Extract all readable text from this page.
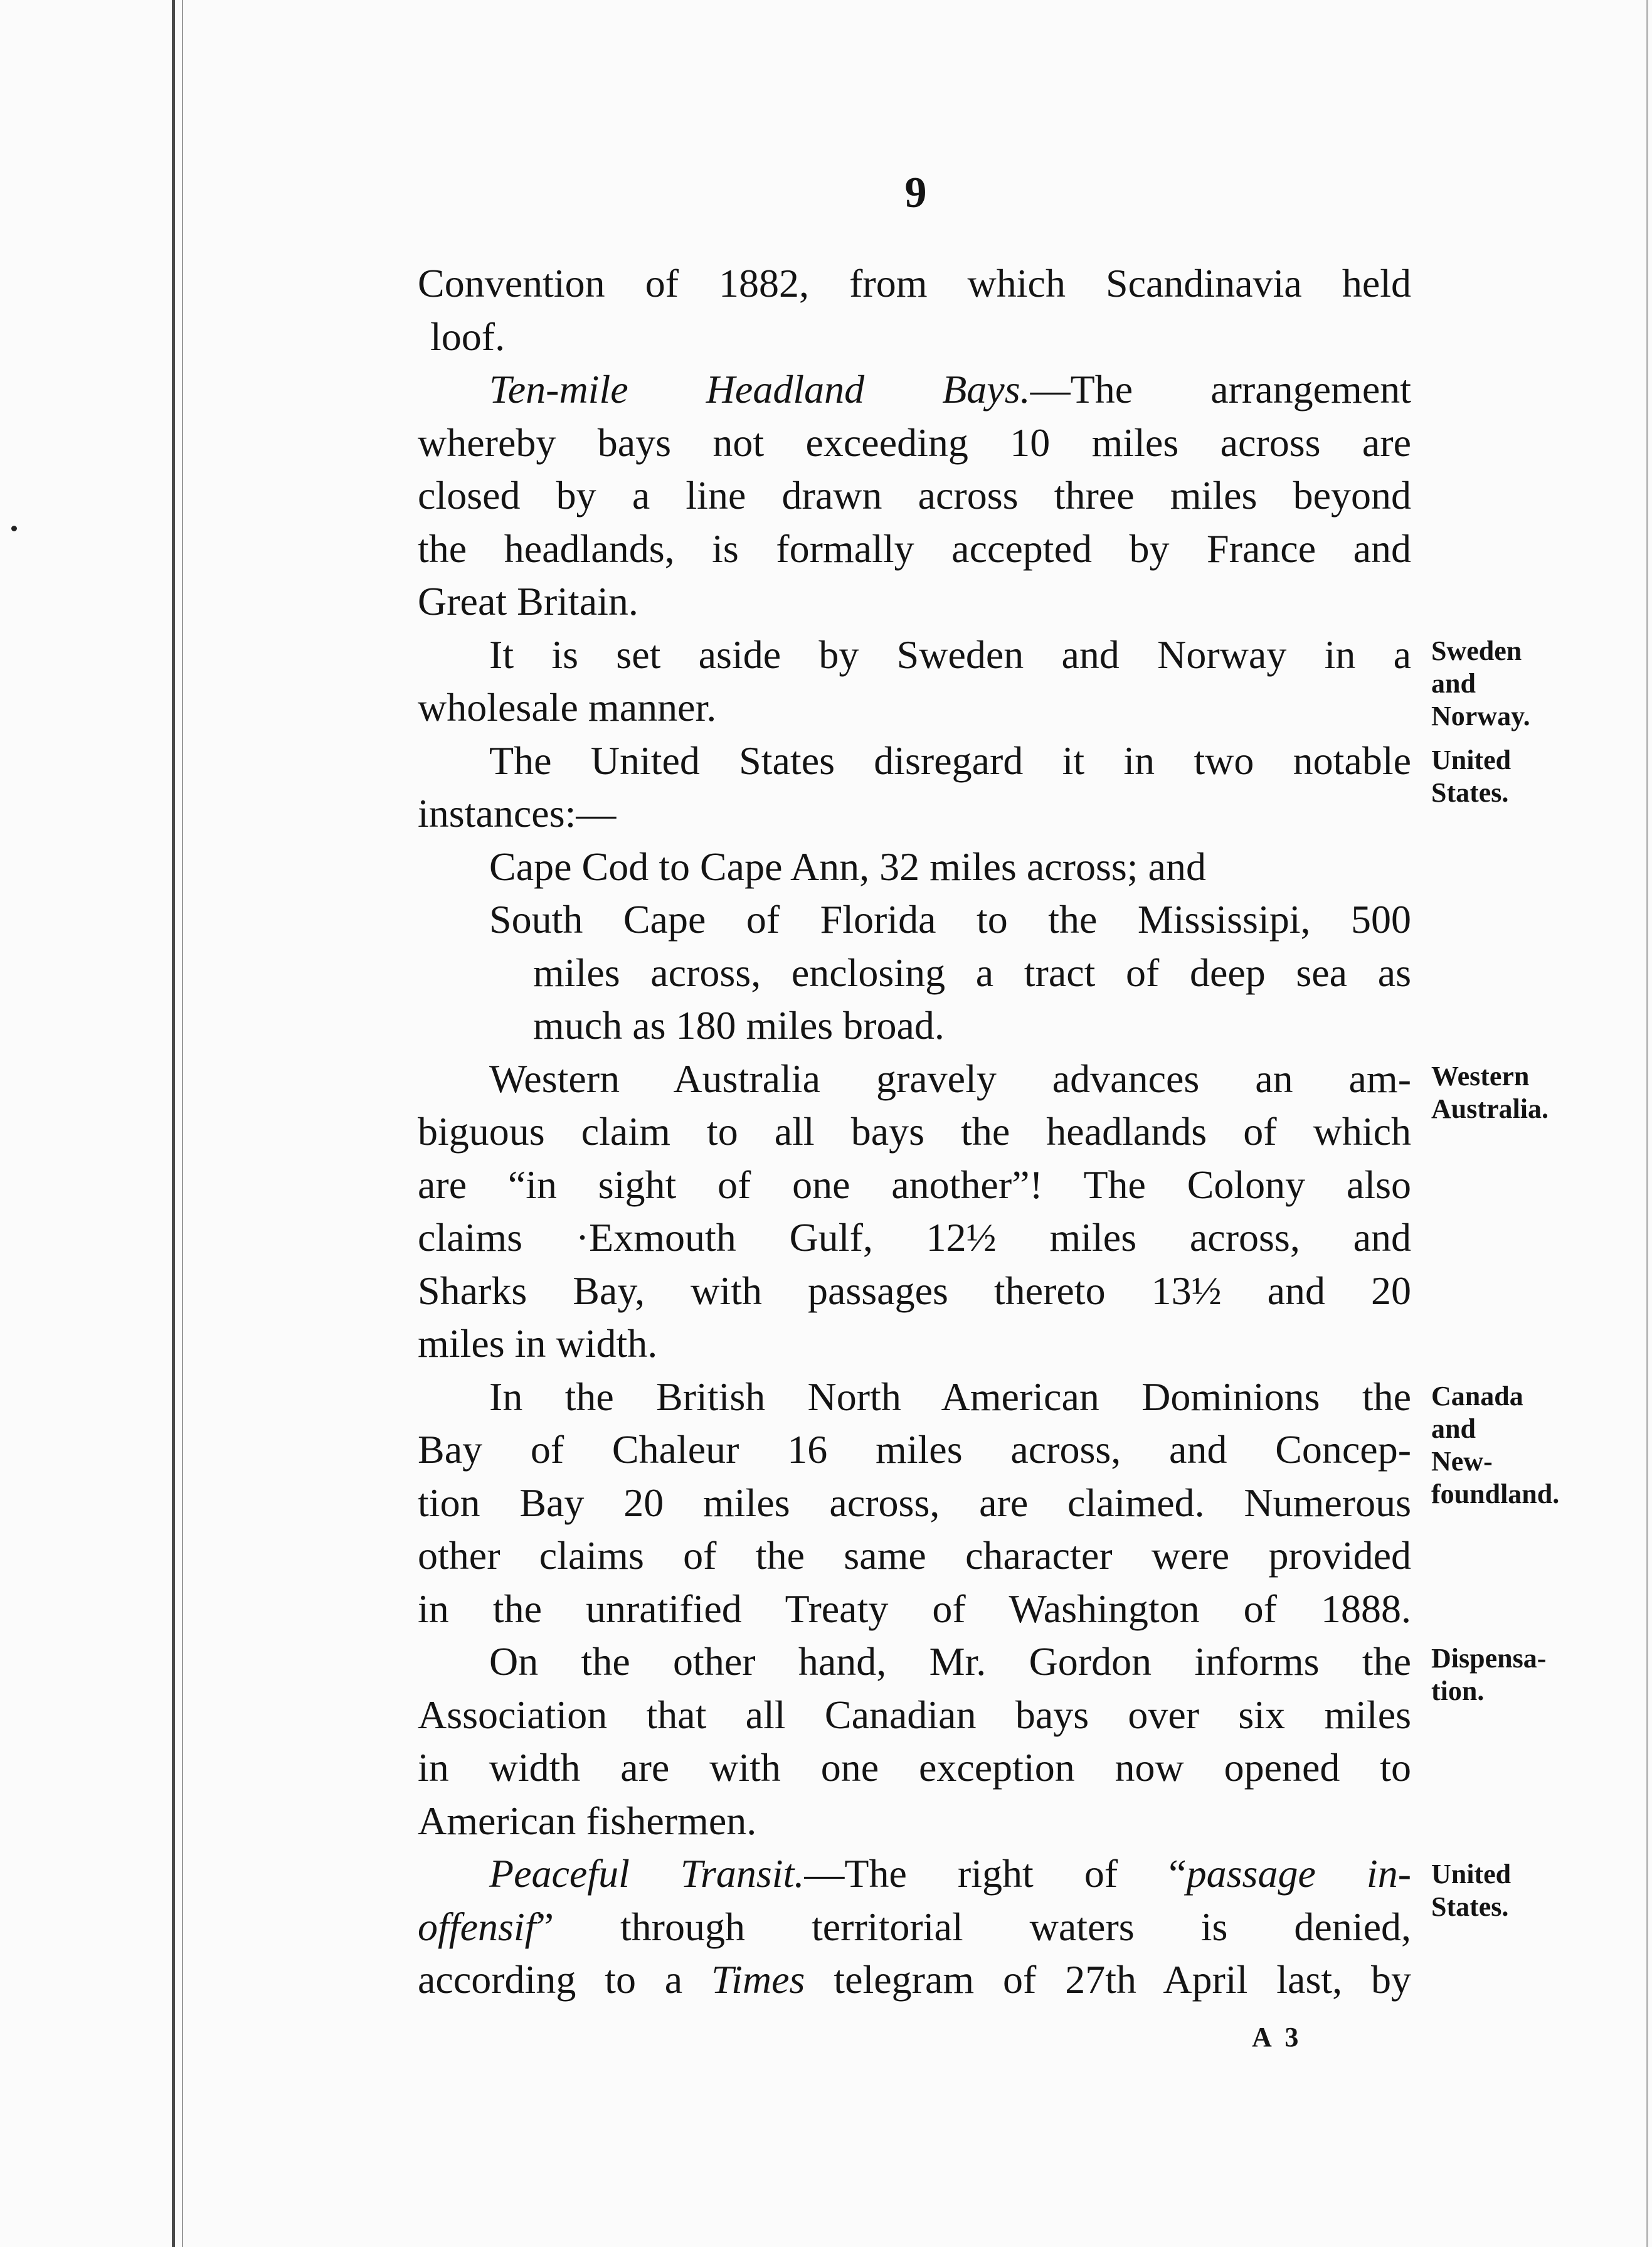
9
Convention of 1882, from which Scandinavia held
loof.
Ten-mile Headland Bays.—The arrangement
whereby bays not exceeding 10 miles across are
closed by a line drawn across three miles beyond
the headlands, is formally accepted by France and
Great Britain.
It is set aside by Sweden and Norway in a
wholesale manner.
The United States disregard it in two notable
instances:—
Cape Cod to Cape Ann, 32 miles across; and
South Cape of Florida to the Mississipi, 500
miles across, enclosing a tract of deep sea as
much as 180 miles broad.
Western Australia gravely advances an am-
biguous claim to all bays the headlands of which
are “in sight of one another”! The Colony also
claims ·Exmouth Gulf, 12½ miles across, and
Sharks Bay, with passages thereto 13½ and 20
miles in width.
In the British North American Dominions the
Bay of Chaleur 16 miles across, and Concep-
tion Bay 20 miles across, are claimed. Numerous
other claims of the same character were provided
in the unratified Treaty of Washington of 1888.
On the other hand, Mr. Gordon informs the
Association that all Canadian bays over six miles
in width are with one exception now opened to
American fishermen.
Peaceful Transit.—The right of “passage in-
offensif” through territorial waters is denied,
according to a Times telegram of 27th April last, by
Sweden
and
Norway.
United
States.
Western
Australia.
Canada
and
New-
foundland.
Dispensa-
tion.
United
States.
A 3
